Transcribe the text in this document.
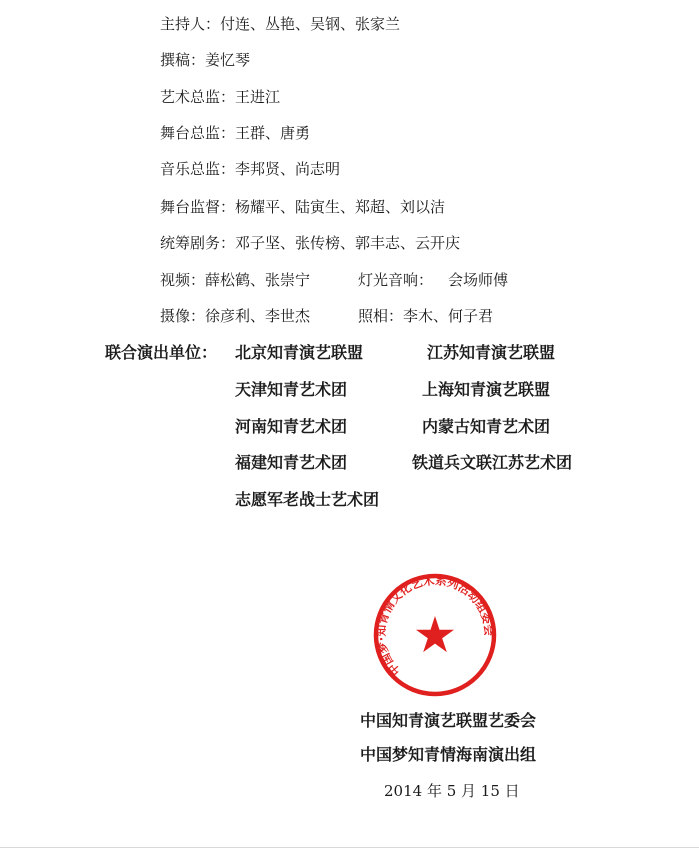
主持人：付连、丛艳、吴钢、张家兰
撰稿：姜忆琴
艺术总监：王进江
舞台总监：王群、唐勇
音乐总监：李邦贤、尚志明
舞台监督：杨耀平、陆寅生、郑超、刘以洁
统筹剧务：邓子坚、张传榜、郭丰志、云开庆
视频：薛松鹤、张崇宁	灯光音响：  会场师傅
摄像：徐彦利、李世杰	照相：李木、何子君
联合演出单位： 北京知青演艺联盟	江苏知青演艺联盟
天津知青艺术团	上海知青演艺联盟
河南知青艺术团	内蒙古知青艺术团
福建知青艺术团	铁道兵文联江苏艺术团
志愿军老战士艺术团
中国梦·知青情文化艺术系列活动组委会
中国知青演艺联盟艺委会
中国梦知青情海南演出组
2014 年 5 月 15 日
